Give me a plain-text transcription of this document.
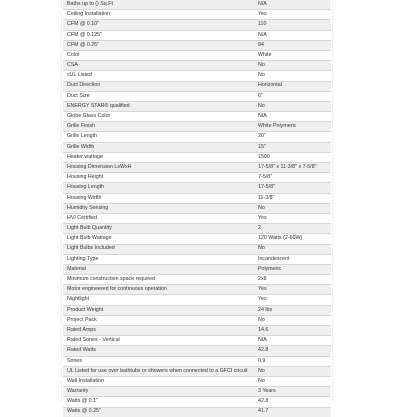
Baths up to () Sq.Ft	N/A
Ceiling Installation	Yes
CFM @ 0.10"	110
CFM @ 0.125"	N/A
CFM @ 0.25"	84
Color	White
CSA	No
cUL Listed	No
Duct Direction	Horizontal
Duct Size	6"
ENERGY STAR® qualified	No
Globe Glass Color	N/A
Grille Finish	White Polymeric
Grille Length	20"
Grille Width	15"
Heater wattage	1500
Housing Dimension LxWxH	17-5/8" x 11-3/8" x 7-5/8"
Housing Height	7-5/8"
Housing Length	17-5/8"
Housing Width	11-3/8"
Humidity Sensing	No
HVI Certified	Yes
Light Bulb Quantity	2
Light Bulb Wattage	120 Watts (2-60W)
Light Bulbs Included	No
Lighting Type	Incandescent
Material	Polymeric
Minimum construction space required	2x8
Motor engineered for continuous operation	Yes
Nightlight	Yes
Product Weight	24 lbs
Project Pack	No
Rated Amps	14.6
Rated Sones - Vertical	N/A
Rated Watts	42.8
Sones	0.9
UL Listed for use over bathtubs or showers when connected to a GFCI circuit	No
Wall Installation	No
Warranty	3 Years
Watts @ 0.1"	42.8
Watts @ 0.25"	41.7
